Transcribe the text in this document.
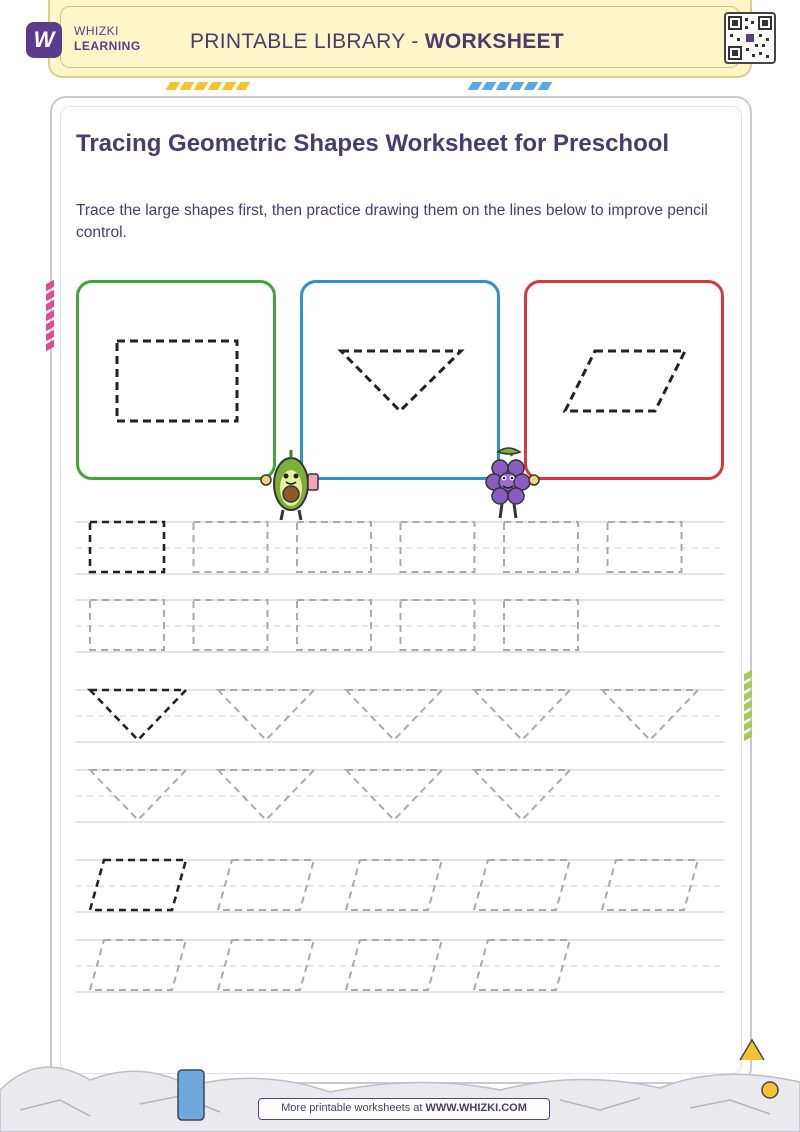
W	WHIZKI
LEARNING PRINTABLE LIBRARY - WORKSHEET
Tracing Geometric Shapes Worksheet for Preschool
Trace the large shapes first, then practice drawing them on the lines below to improve pencil control.
More printable worksheets at WWW.WHIZKI.COM
